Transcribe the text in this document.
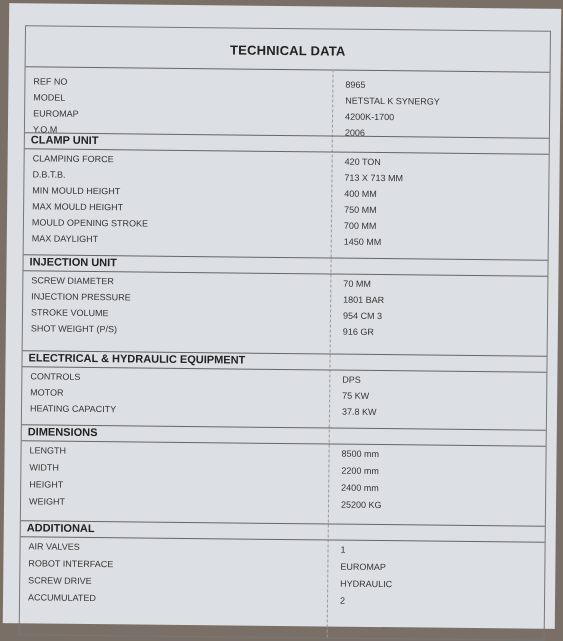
TECHNICAL DATA
REF NO	8965
MODEL	NETSTAL K SYNERGY
EUROMAP	4200K-1700
Y.O.M	2006
CLAMP UNIT
CLAMPING FORCE	420 TON
D.B.T.B.	713 X 713 MM
MIN MOULD HEIGHT	400 MM
MAX MOULD HEIGHT	750 MM
MOULD OPENING STROKE	700 MM
MAX DAYLIGHT	1450 MM
INJECTION UNIT
SCREW DIAMETER	70 MM
INJECTION PRESSURE	1801 BAR
STROKE VOLUME	954 CM 3
SHOT WEIGHT (P/S)	916 GR
ELECTRICAL & HYDRAULIC EQUIPMENT
CONTROLS	DPS
MOTOR	75 KW
HEATING CAPACITY	37.8 KW
DIMENSIONS
LENGTH	8500 mm
WIDTH	2200 mm
HEIGHT	2400 mm
WEIGHT	25200 KG
ADDITIONAL
AIR VALVES	1
ROBOT INTERFACE	EUROMAP
SCREW DRIVE	HYDRAULIC
ACCUMULATED	2
